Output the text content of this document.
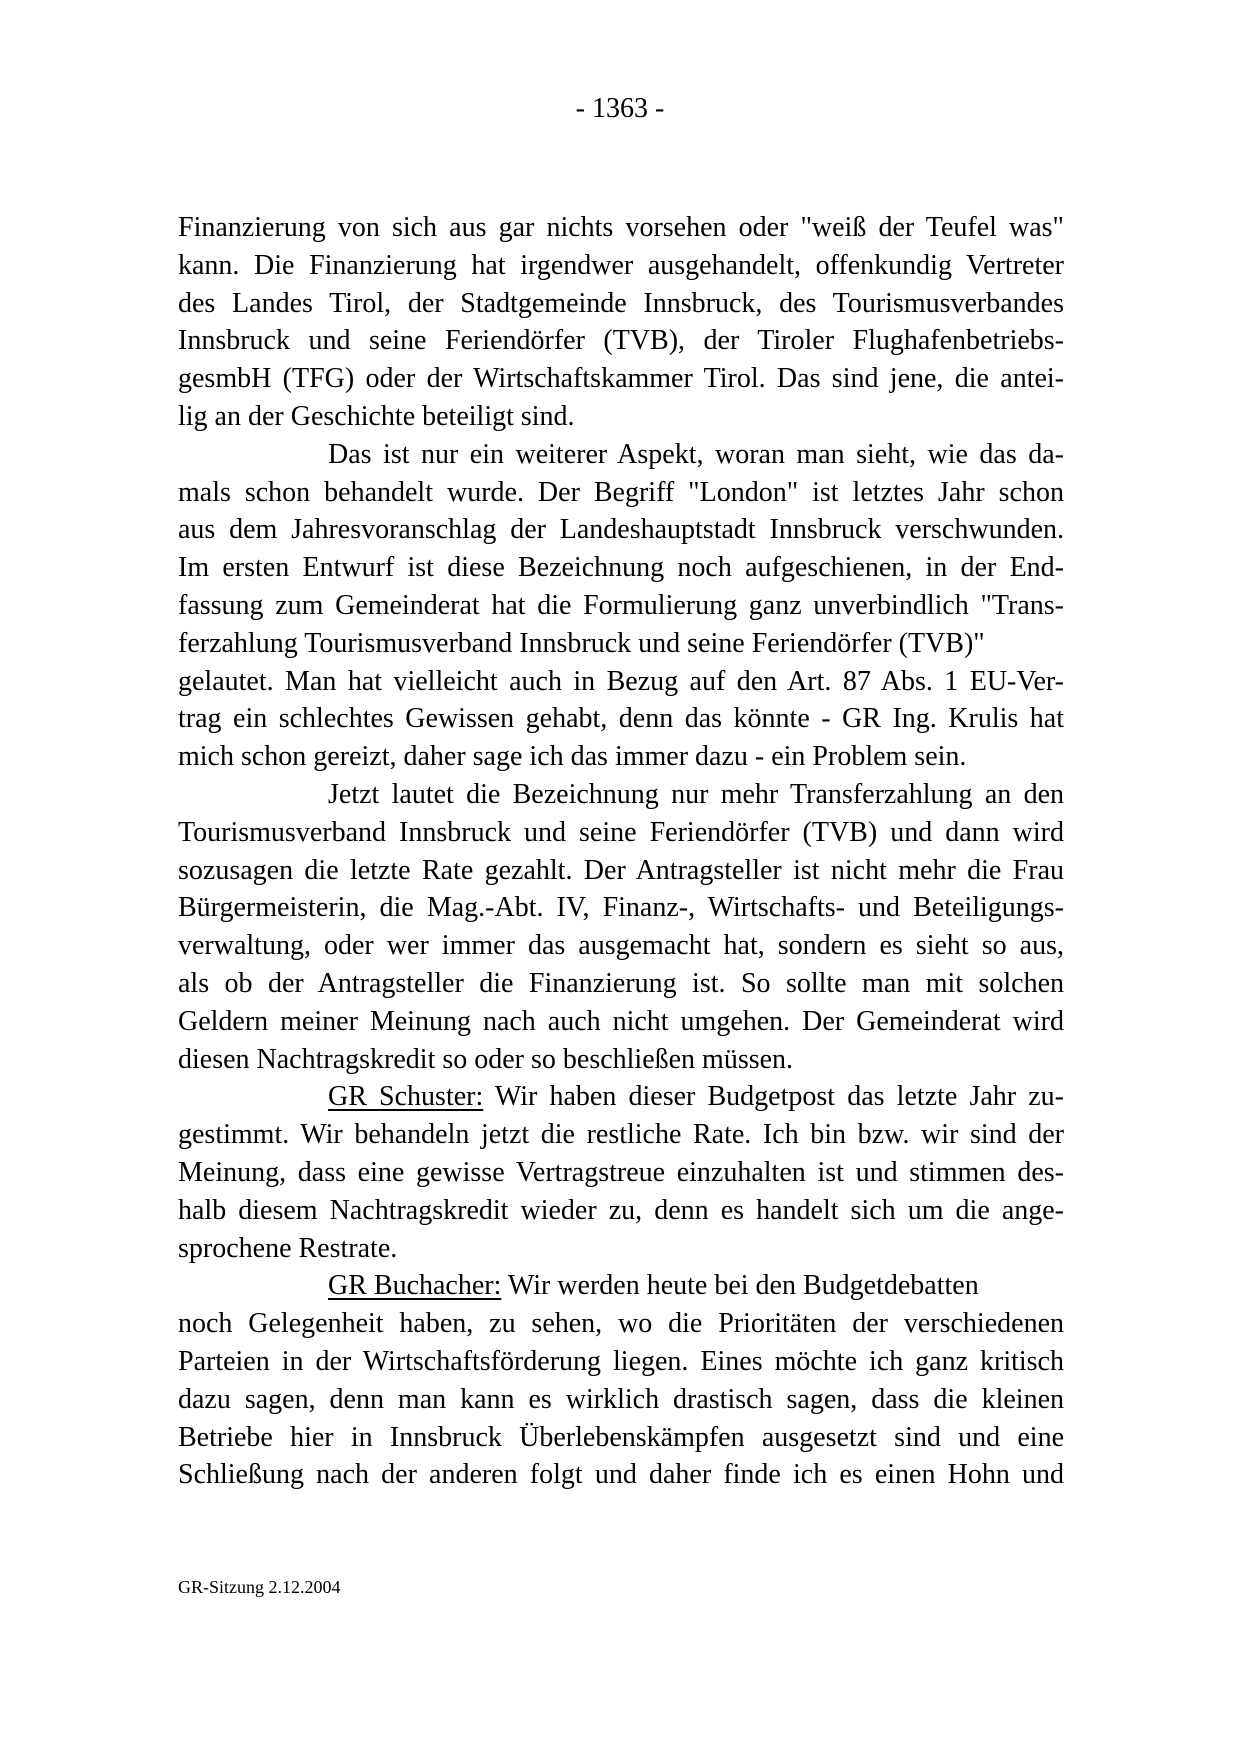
- 1363 -
Finanzierung von sich aus gar nichts vorsehen oder "weiß der Teufel was"
kann. Die Finanzierung hat irgendwer ausgehandelt, offenkundig Vertreter
des Landes Tirol, der Stadtgemeinde Innsbruck, des Tourismusverbandes
Innsbruck und seine Feriendörfer (TVB), der Tiroler Flughafenbetriebs-
gesmbH (TFG) oder der Wirtschaftskammer Tirol. Das sind jene, die antei-
lig an der Geschichte beteiligt sind.
Das ist nur ein weiterer Aspekt, woran man sieht, wie das da-
mals schon behandelt wurde. Der Begriff "London" ist letztes Jahr schon
aus dem Jahresvoranschlag der Landeshauptstadt Innsbruck verschwunden.
Im ersten Entwurf ist diese Bezeichnung noch aufgeschienen, in der End-
fassung zum Gemeinderat hat die Formulierung ganz unverbindlich "Trans-
ferzahlung Tourismusverband Innsbruck und seine Feriendörfer (TVB)"
gelautet. Man hat vielleicht auch in Bezug auf den Art. 87 Abs. 1 EU-Ver-
trag ein schlechtes Gewissen gehabt, denn das könnte - GR Ing. Krulis hat
mich schon gereizt, daher sage ich das immer dazu - ein Problem sein.
Jetzt lautet die Bezeichnung nur mehr Transferzahlung an den
Tourismusverband Innsbruck und seine Feriendörfer (TVB) und dann wird
sozusagen die letzte Rate gezahlt. Der Antragsteller ist nicht mehr die Frau
Bürgermeisterin, die Mag.-Abt. IV, Finanz-, Wirtschafts- und Beteiligungs-
verwaltung, oder wer immer das ausgemacht hat, sondern es sieht so aus,
als ob der Antragsteller die Finanzierung ist. So sollte man mit solchen
Geldern meiner Meinung nach auch nicht umgehen. Der Gemeinderat wird
diesen Nachtragskredit so oder so beschließen müssen.
GR Schuster: Wir haben dieser Budgetpost das letzte Jahr zu-
gestimmt. Wir behandeln jetzt die restliche Rate. Ich bin bzw. wir sind der
Meinung, dass eine gewisse Vertragstreue einzuhalten ist und stimmen des-
halb diesem Nachtragskredit wieder zu, denn es handelt sich um die ange-
sprochene Restrate.
GR Buchacher: Wir werden heute bei den Budgetdebatten
noch Gelegenheit haben, zu sehen, wo die Prioritäten der verschiedenen
Parteien in der Wirtschaftsförderung liegen. Eines möchte ich ganz kritisch
dazu sagen, denn man kann es wirklich drastisch sagen, dass die kleinen
Betriebe hier in Innsbruck Überlebenskämpfen ausgesetzt sind und eine
Schließung nach der anderen folgt und daher finde ich es einen Hohn und
GR-Sitzung 2.12.2004
